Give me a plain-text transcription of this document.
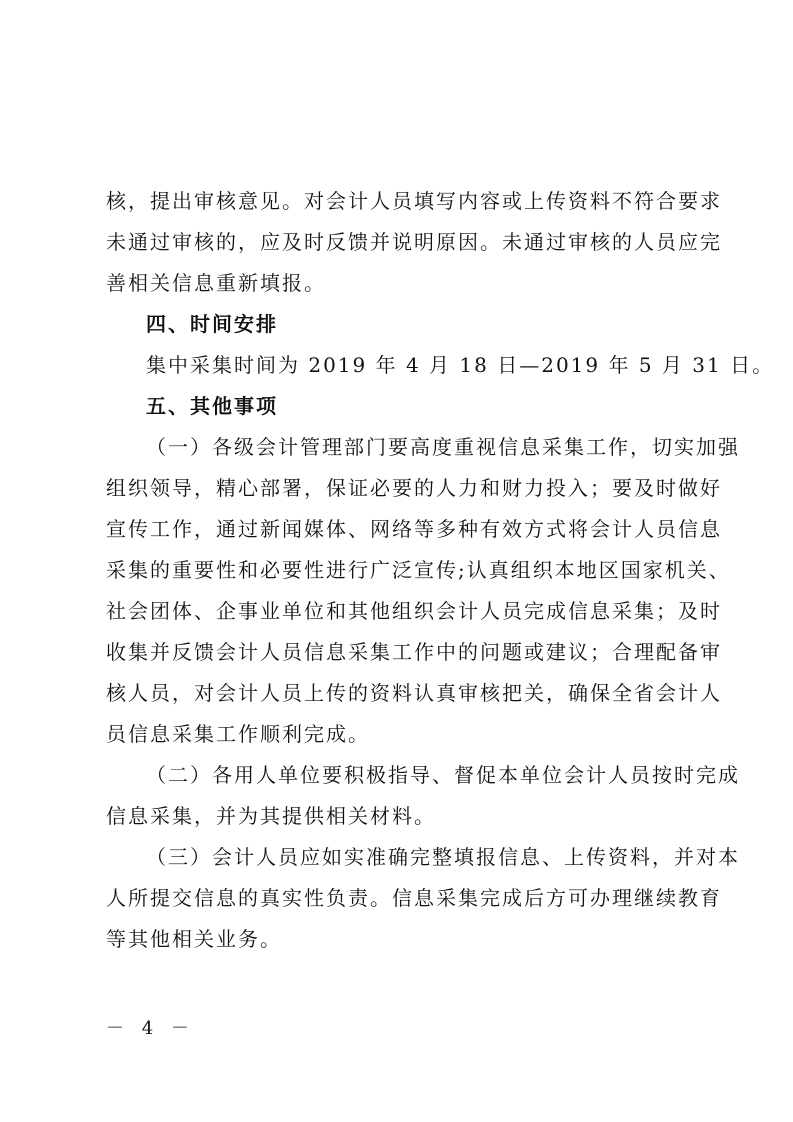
核，提出审核意见。对会计人员填写内容或上传资料不符合要求
未通过审核的，应及时反馈并说明原因。未通过审核的人员应完
善相关信息重新填报。
四、时间安排
集中采集时间为 2019 年 4 月 18 日—2019 年 5 月 31 日。
五、其他事项
（一）各级会计管理部门要高度重视信息采集工作，切实加强
组织领导，精心部署，保证必要的人力和财力投入；要及时做好
宣传工作，通过新闻媒体、网络等多种有效方式将会计人员信息
采集的重要性和必要性进行广泛宣传;认真组织本地区国家机关、
社会团体、企事业单位和其他组织会计人员完成信息采集；及时
收集并反馈会计人员信息采集工作中的问题或建议；合理配备审
核人员，对会计人员上传的资料认真审核把关，确保全省会计人
员信息采集工作顺利完成。
（二）各用人单位要积极指导、督促本单位会计人员按时完成
信息采集，并为其提供相关材料。
（三）会计人员应如实准确完整填报信息、上传资料，并对本
人所提交信息的真实性负责。信息采集完成后方可办理继续教育
等其他相关业务。
－ 4 －
